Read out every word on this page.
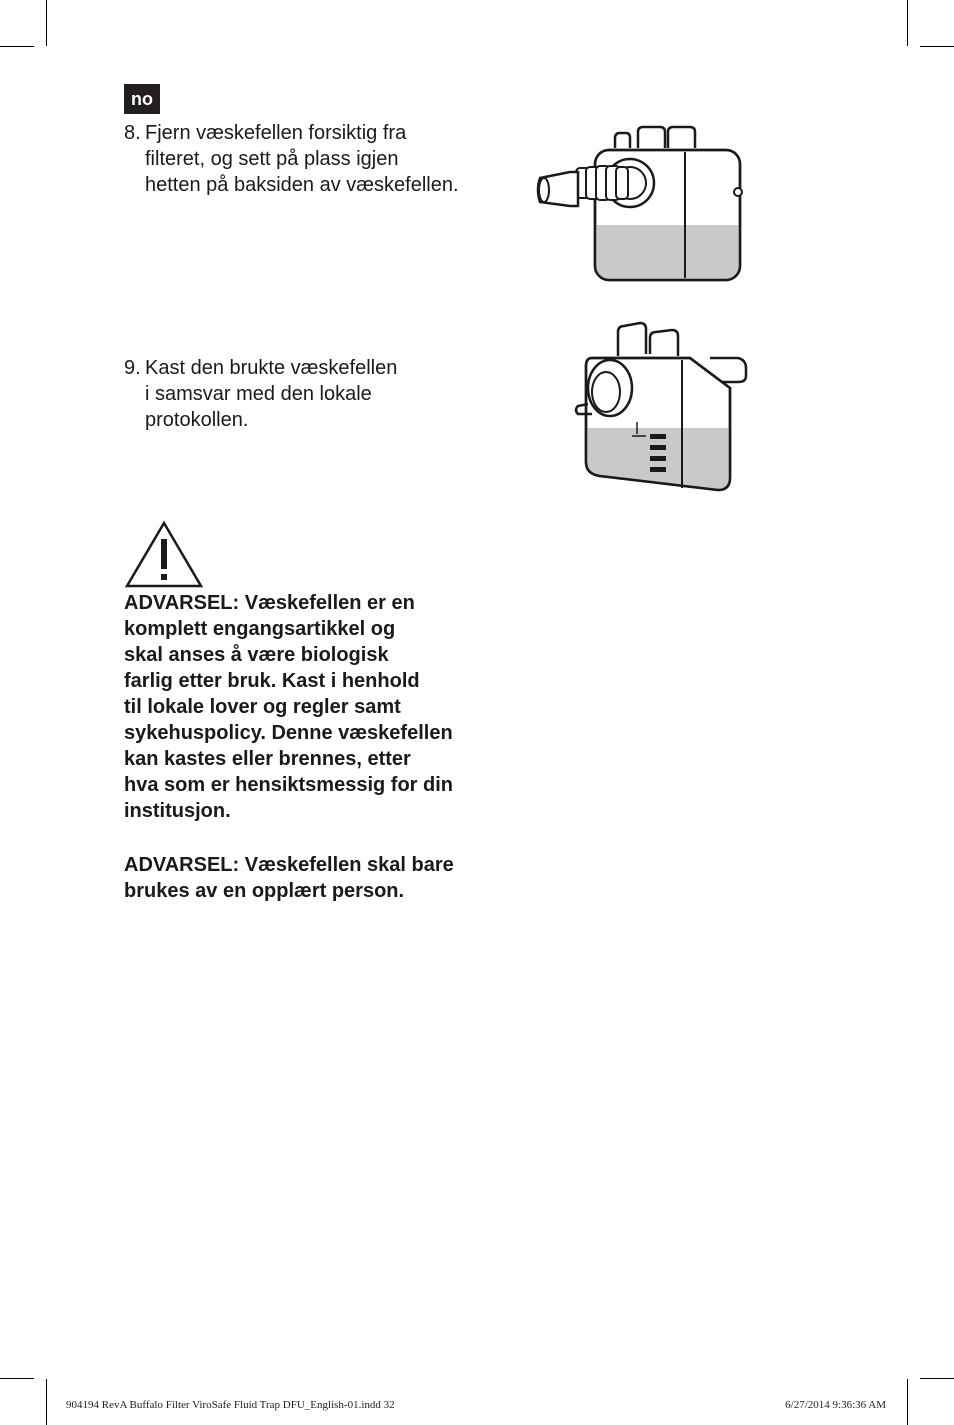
no
8. Fjern væskefellen forsiktig fra
filteret, og sett på plass igjen
hetten på baksiden av væskefellen.
9. Kast den brukte væskefellen
i samsvar med den lokale
protokollen.
ADVARSEL: Væskefellen er en
komplett engangsartikkel og
skal anses å være biologisk
farlig etter bruk. Kast i henhold
til lokale lover og regler samt
sykehuspolicy. Denne væskefellen
kan kastes eller brennes, etter
hva som er hensiktsmessig for din
institusjon.
ADVARSEL: Væskefellen skal bare
brukes av en opplært person.
904194 RevA Buffalo Filter ViroSafe Fluid Trap DFU_English-01.indd 32	6/27/2014 9:36:36 AM
